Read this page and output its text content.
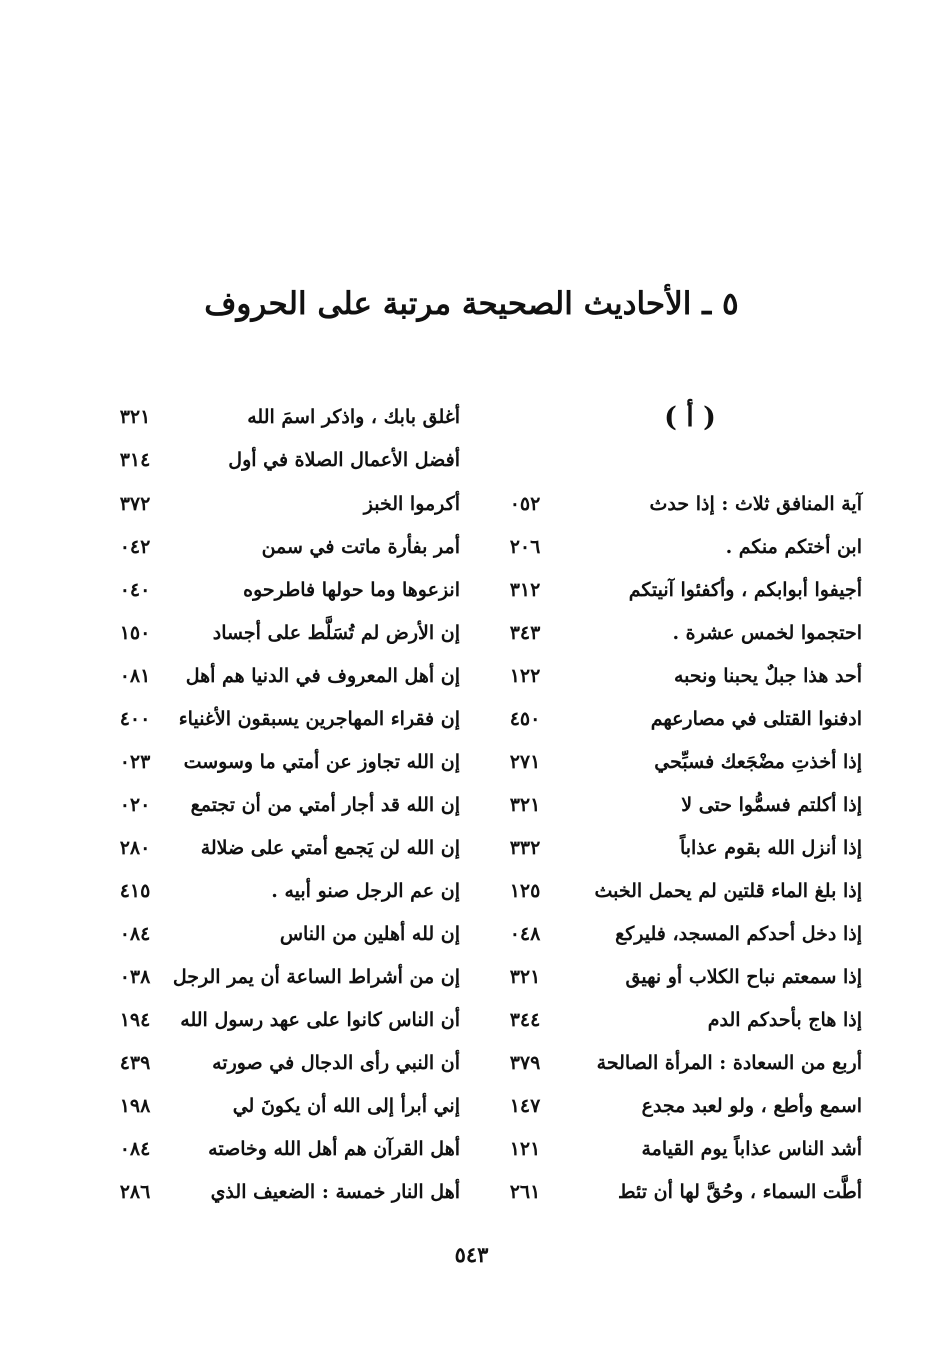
٥ ـ الأحاديث الصحيحة مرتبة على الحروف
( أ )
آية المنافق ثلاث : إذا حدث
٠٥٢
ابن أختكم منكم .
٢٠٦
أجيفوا أبوابكم ، وأكفئوا آنيتكم
٣١٢
احتجموا لخمس عشرة .
٣٤٣
أحد هذا جبلٌ يحبنا ونحبه
١٢٢
ادفنوا القتلى في مصارعهم
٤٥٠
إذا أخذتِ مضْجَعك فسبِّحي
٢٧١
إذا أكلتم فسمُّوا حتى لا
٣٢١
إذا أنزل الله بقوم عذاباً
٣٣٢
إذا بلغ الماء قلتين لم يحمل الخبث
١٢٥
إذا دخل أحدكم المسجد، فليركع
٠٤٨
إذا سمعتم نباح الكلاب أو نهيق
٣٢١
إذا هاج بأحدكم الدم
٣٤٤
أربع من السعادة : المرأة الصالحة
٣٧٩
اسمع وأطع ، ولو لعبد مجدع
١٤٧
أشد الناس عذاباً يوم القيامة
١٢١
أطَّت السماء ، وحُقَّ لها أن تئط
٢٦١
أغلق بابك ، واذكر اسمَ الله
٣٢١
أفضل الأعمال الصلاة في أول
٣١٤
أكرموا الخبز
٣٧٢
أمر بفأرة ماتت في سمن
٠٤٢
انزعوها وما حولها فاطرحوه
٠٤٠
إن الأرض لم تُسَلَّط على أجساد
١٥٠
إن أهل المعروف في الدنيا هم أهل
٠٨١
إن فقراء المهاجرين يسبقون الأغنياء
٤٠٠
إن الله تجاوز عن أمتي ما وسوست
٠٢٣
إن الله قد أجار أمتي من أن تجتمع
٠٢٠
إن الله لن يَجمع أمتي على ضلالة
٢٨٠
إن عم الرجل صنو أبيه .
٤١٥
إن لله أهلين من الناس
٠٨٤
إن من أشراط الساعة أن يمر الرجل
٠٣٨
أن الناس كانوا على عهد رسول الله
١٩٤
أن النبي رأى الدجال في صورته
٤٣٩
إني أبرأ إلى الله أن يكونَ لي
١٩٨
أهل القرآن هم أهل الله وخاصته
٠٨٤
أهل النار خمسة : الضعيف الذي
٢٨٦
٥٤٣
